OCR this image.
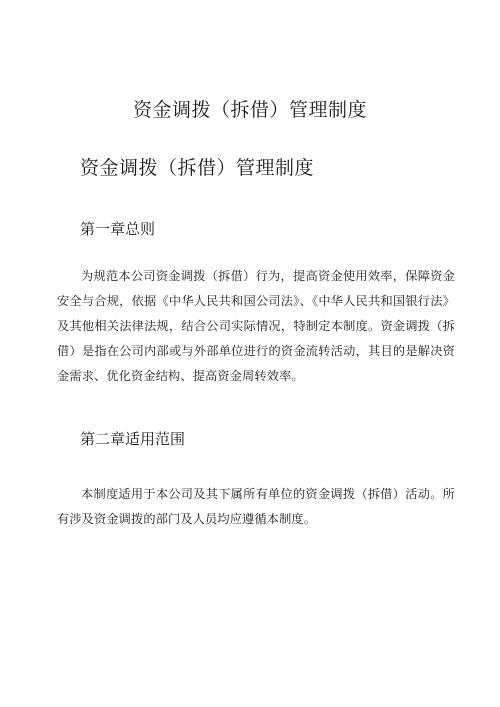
资金调拨（拆借）管理制度
资金调拨（拆借）管理制度
第一章总则

为规范本公司资金调拨（拆借）行为，提高资金使用效率，保障资金安全与合规，依据《中华人民共和国公司法》、《中华人民共和国银行法》及其他相关法律法规，结合公司实际情况，特制定本制度。资金调拨（拆借）是指在公司内部或与外部单位进行的资金流转活动，其目的是解决资金需求、优化资金结构、提高资金周转效率。

第二章适用范围

本制度适用于本公司及其下属所有单位的资金调拨（拆借）活动。所有涉及资金调拨的部门及人员均应遵循本制度。
